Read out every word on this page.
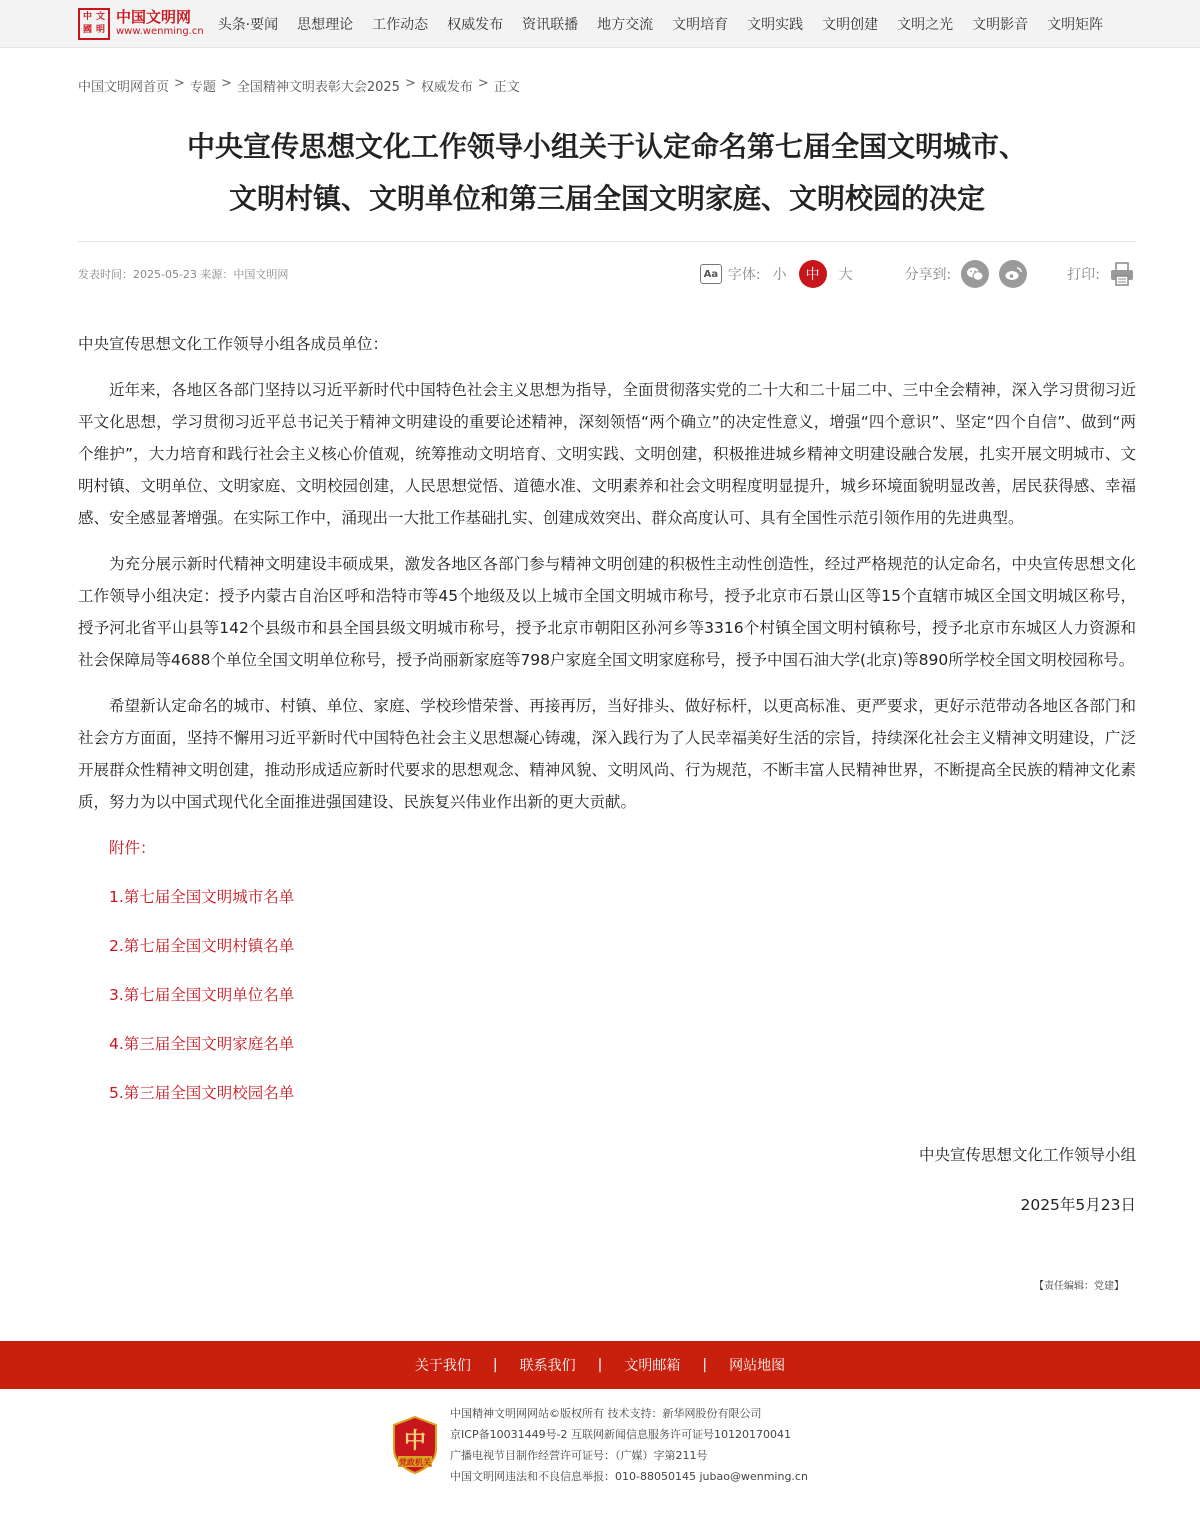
中 文
國 明
中国文明网
www.wenming.cn 头条·要闻 思想理论 工作动态 权威发布 资讯联播 地方交流 文明培育 文明实践 文明创建 文明之光 文明影音 文明矩阵
中国文明网首页 > 专题 > 全国精神文明表彰大会2025 > 权威发布 > 正文
中央宣传思想文化工作领导小组关于认定命名第七届全国文明城市、
文明村镇、文明单位和第三届全国文明家庭、文明校园的决定
发表时间：2025-05-23 来源：中国文明网	Aa 字体: 小	中	大	分享到:	打印:

中央宣传思想文化工作领导小组各成员单位：

近年来，各地区各部门坚持以习近平新时代中国特色社会主义思想为指导，全面贯彻落实党的二十大和二十届二中、三中全会精神，深入学习贯彻习近平文化思想，学习贯彻习近平总书记关于精神文明建设的重要论述精神，深刻领悟“两个确立”的决定性意义，增强“四个意识”、坚定“四个自信”、做到“两个维护”，大力培育和践行社会主义核心价值观，统筹推动文明培育、文明实践、文明创建，积极推进城乡精神文明建设融合发展，扎实开展文明城市、文明村镇、文明单位、文明家庭、文明校园创建，人民思想觉悟、道德水准、文明素养和社会文明程度明显提升，城乡环境面貌明显改善，居民获得感、幸福感、安全感显著增强。在实际工作中，涌现出一大批工作基础扎实、创建成效突出、群众高度认可、具有全国性示范引领作用的先进典型。

为充分展示新时代精神文明建设丰硕成果，激发各地区各部门参与精神文明创建的积极性主动性创造性，经过严格规范的认定命名，中央宣传思想文化工作领导小组决定：授予内蒙古自治区呼和浩特市等45个地级及以上城市全国文明城市称号，授予北京市石景山区等15个直辖市城区全国文明城区称号，授予河北省平山县等142个县级市和县全国县级文明城市称号，授予北京市朝阳区孙河乡等3316个村镇全国文明村镇称号，授予北京市东城区人力资源和社会保障局等4688个单位全国文明单位称号，授予尚丽新家庭等798户家庭全国文明家庭称号，授予中国石油大学(北京)等890所学校全国文明校园称号。

希望新认定命名的城市、村镇、单位、家庭、学校珍惜荣誉、再接再厉，当好排头、做好标杆，以更高标准、更严要求，更好示范带动各地区各部门和社会方方面面，坚持不懈用习近平新时代中国特色社会主义思想凝心铸魂，深入践行为了人民幸福美好生活的宗旨，持续深化社会主义精神文明建设，广泛开展群众性精神文明创建，推动形成适应新时代要求的思想观念、精神风貌、文明风尚、行为规范，不断丰富人民精神世界，不断提高全民族的精神文化素质，努力为以中国式现代化全面推进强国建设、民族复兴伟业作出新的更大贡献。

附件：

1.第七届全国文明城市名单
2.第七届全国文明村镇名单
3.第七届全国文明单位名单
4.第三届全国文明家庭名单
5.第三届全国文明校园名单

中央宣传思想文化工作领导小组

2025年5月23日

【责任编辑：党建】

关于我们 | 联系我们 | 文明邮箱 | 网站地图
中
党政机关
中国精神文明网网站©版权所有 技术支持：新华网股份有限公司
京ICP备10031449号-2 互联网新闻信息服务许可证号10120170041
广播电视节目制作经营许可证号：（广媒）字第211号
中国文明网违法和不良信息举报：010-88050145 jubao@wenming.cn
